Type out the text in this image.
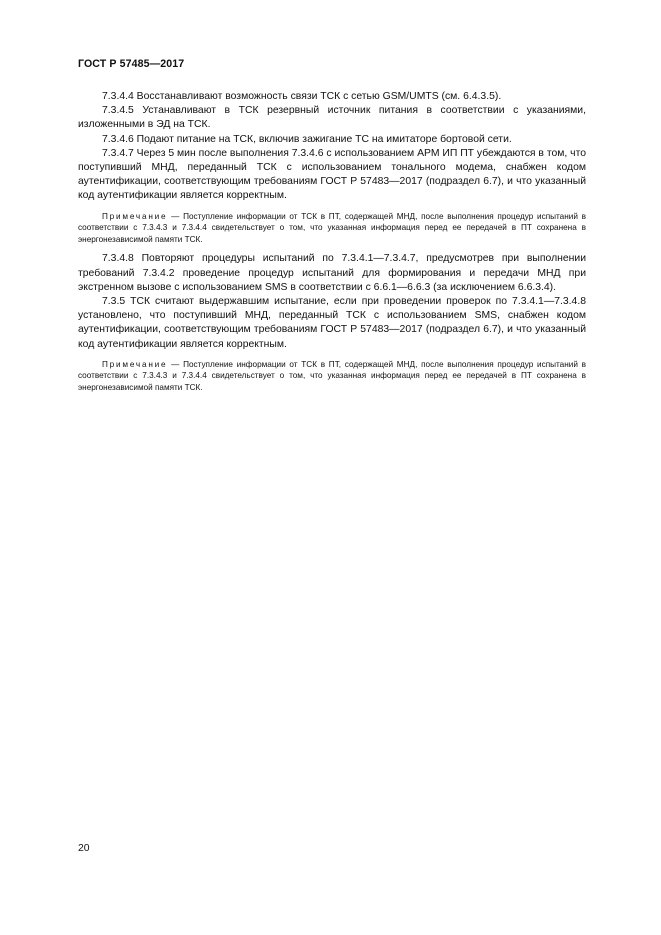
ГОСТ Р 57485—2017

7.3.4.4 Восстанавливают возможность связи ТСК с сетью GSM/UMTS (см. 6.4.3.5).

7.3.4.5 Устанавливают в ТСК резервный источник питания в соответствии с указаниями, изложенными в ЭД на ТСК.

7.3.4.6 Подают питание на ТСК, включив зажигание ТС на имитаторе бортовой сети.

7.3.4.7 Через 5 мин после выполнения 7.3.4.6 с использованием АРМ ИП ПТ убеждаются в том, что поступивший МНД, переданный ТСК с использованием тонального модема, снабжен кодом аутентификации, соответствующим требованиям ГОСТ Р 57483—2017 (подраздел 6.7), и что указанный код аутентификации является корректным.

Примечание — Поступление информации от ТСК в ПТ, содержащей МНД, после выполнения процедур испытаний в соответствии с 7.3.4.3 и 7.3.4.4 свидетельствует о том, что указанная информация перед ее передачей в ПТ сохранена в энергонезависимой памяти ТСК.

7.3.4.8 Повторяют процедуры испытаний по 7.3.4.1—7.3.4.7, предусмотрев при выполнении требований 7.3.4.2 проведение процедур испытаний для формирования и передачи МНД при экстренном вызове с использованием SMS в соответствии с 6.6.1—6.6.3 (за исключением 6.6.3.4).

7.3.5 ТСК считают выдержавшим испытание, если при проведении проверок по 7.3.4.1—7.3.4.8 установлено, что поступивший МНД, переданный ТСК с использованием SMS, снабжен кодом аутентификации, соответствующим требованиям ГОСТ Р 57483—2017 (подраздел 6.7), и что указанный код аутентификации является корректным.

Примечание — Поступление информации от ТСК в ПТ, содержащей МНД, после выполнения процедур испытаний в соответствии с 7.3.4.3 и 7.3.4.4 свидетельствует о том, что указанная информация перед ее передачей в ПТ сохранена в энергонезависимой памяти ТСК.

20
